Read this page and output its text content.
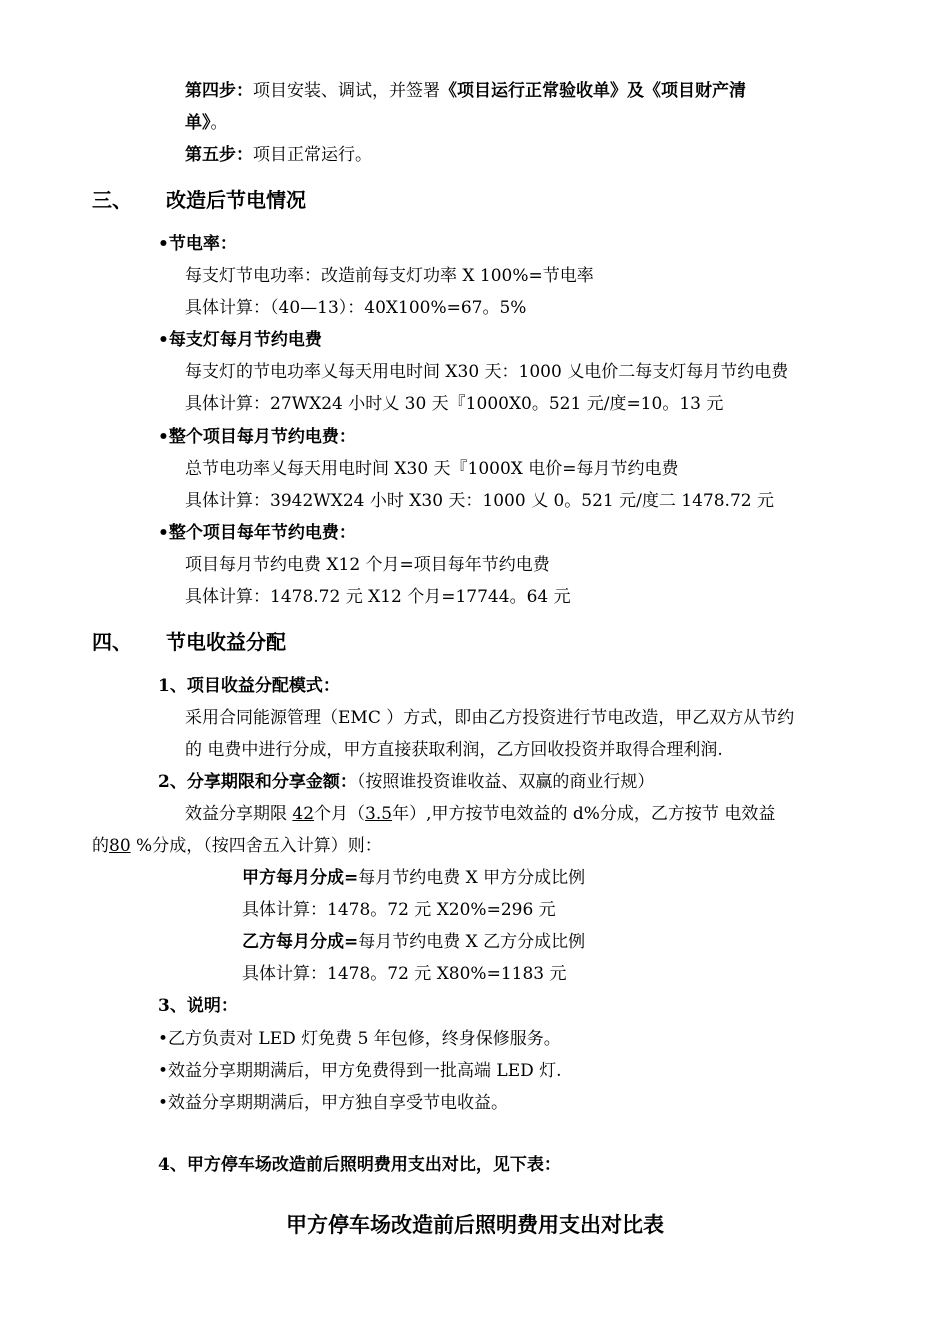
第四步：项目安装、调试，并签署《项目运行正常验收单》及《项目财产清
单》。
第五步：项目正常运行。
三、 改造后节电情况
•节电率：
每支灯节电功率：改造前每支灯功率 X 100%=节电率
具体计算：（40—13）：40X100%=67。5%
•每支灯每月节约电费
每支灯的节电功率乂每天用电时间 X30 天：1000 乂电价二每支灯每月节约电费
具体计算：27WX24 小时乂 30 天『1000X0。521 元/度=10。13 元
•整个项目每月节约电费：
总节电功率乂每天用电时间 X30 天『1000X 电价=每月节约电费
具体计算：3942WX24 小时 X30 天：1000 乂 0。521 元/度二 1478.72 元
•整个项目每年节约电费：
项目每月节约电费 X12 个月=项目每年节约电费
具体计算：1478.72 元 X12 个月=17744。64 元
四、 节电收益分配
1、项目收益分配模式：
采用合同能源管理（EMC ）方式，即由乙方投资进行节电改造，甲乙双方从节约
的 电费中进行分成，甲方直接获取利润，乙方回收投资并取得合理利润.
2、分享期限和分享金额：（按照谁投资谁收益、双赢的商业行规）
效益分享期限 42个月（3.5年）,甲方按节电效益的 d%分成，乙方按节 电效益
的80 %分成，（按四舍五入计算）则：
甲方每月分成=每月节约电费 X 甲方分成比例
具体计算：1478。72 元 X20%=296 元
乙方每月分成=每月节约电费 X 乙方分成比例
具体计算：1478。72 元 X80%=1183 元
3、说明：
•乙方负责对 LED 灯免费 5 年包修，终身保修服务。
•效益分享期期满后，甲方免费得到一批高端 LED 灯.
•效益分享期期满后，甲方独自享受节电收益。
4、甲方停车场改造前后照明费用支出对比，见下表：
甲方停车场改造前后照明费用支出对比表
